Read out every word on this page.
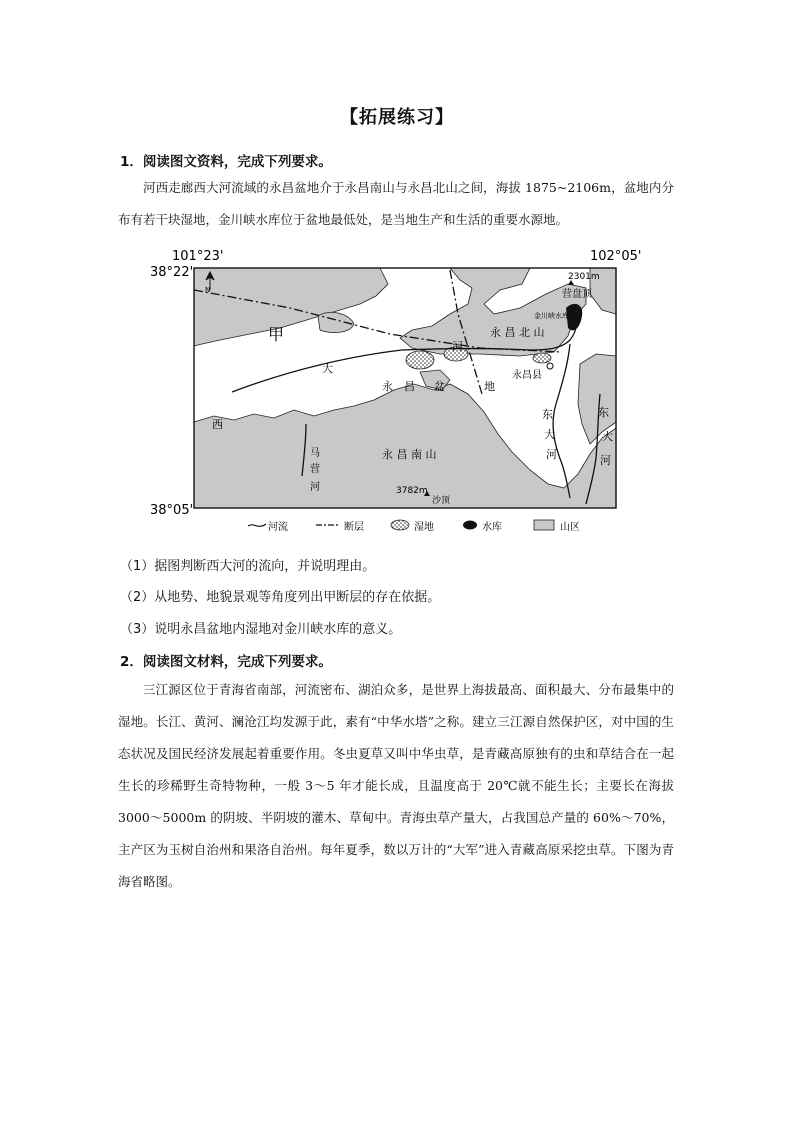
【拓展练习】
1．阅读图文资料，完成下列要求。
河西走廊西大河流域的永昌盆地介于永昌南山与永昌北山之间，海拔 1875~2106m，盆地内分布有若干块湿地，金川峡水库位于盆地最低处，是当地生产和生活的重要水源地。
101°23'	102°05'
38°22'
38°05'
N
甲	永 昌 北 山
永 昌 南 山
永 昌 盆	地
大
河
西
马
营
河
东
大
河
东
大
河
永昌县
2301m
营盘顶
金川峡水库
3782m
沙顶
河流	断层	湿地	水库	山区
（1）据图判断西大河的流向，并说明理由。
（2）从地势、地貌景观等角度列出甲断层的存在依据。
（3）说明永昌盆地内湿地对金川峡水库的意义。
2．阅读图文材料，完成下列要求。
三江源区位于青海省南部，河流密布、湖泊众多，是世界上海拔最高、面积最大、分布最集中的湿地。长江、黄河、澜沧江均发源于此，素有“中华水塔”之称。建立三江源自然保护区，对中国的生态状况及国民经济发展起着重要作用。冬虫夏草又叫中华虫草，是青藏高原独有的虫和草结合在一起生长的珍稀野生奇特物种，一般 3～5 年才能长成，且温度高于 20℃就不能生长；主要长在海拔 3000～5000m 的阴坡、半阴坡的灌木、草甸中。青海虫草产量大，占我国总产量的 60%～70%，主产区为玉树自治州和果洛自治州。每年夏季，数以万计的“大军”进入青藏高原采挖虫草。下图为青海省略图。
